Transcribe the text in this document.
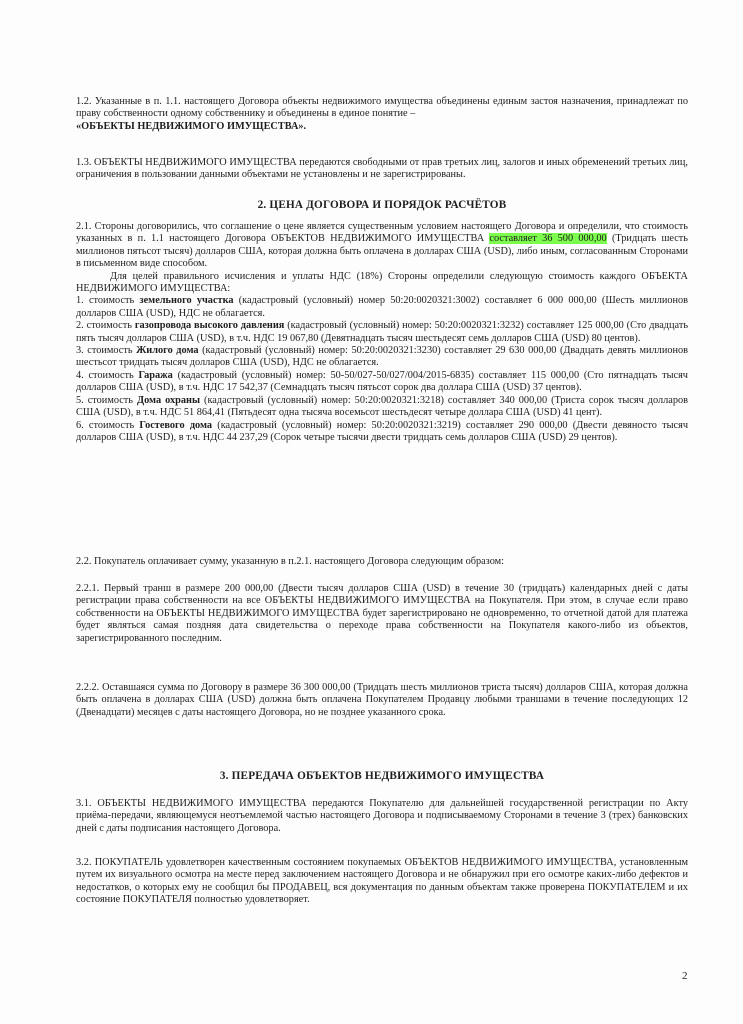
1.2. Указанные в п. 1.1. настоящего Договора объекты недвижимого имущества объединены единым застоя назначения, принадлежат по праву собственности одному собственнику и объединены в единое понятие –

«ОБЪЕКТЫ НЕДВИЖИМОГО ИМУЩЕСТВА».

1.3. ОБЪЕКТЫ НЕДВИЖИМОГО ИМУЩЕСТВА передаются свободными от прав третьих лиц, залогов и иных обременений третьих лиц, ограничения в пользовании данными объектами не установлены и не зарегистрированы.

2. ЦЕНА ДОГОВОРА И ПОРЯДОК РАСЧЁТОВ

2.1. Стороны договорились, что соглашение о цене является существенным условием настоящего Договора и определили, что стоимость указанных в п. 1.1 настоящего Договора ОБЪЕКТОВ НЕДВИЖИМОГО ИМУЩЕСТВА составляет 36 500 000,00 (Тридцать шесть миллионов пятьсот тысяч) долларов США, которая должна быть оплачена в долларах США (USD), либо иным, согласованным Сторонами в письменном виде способом.

Для целей правильного исчисления и уплаты НДС (18%) Стороны определили следующую стоимость каждого ОБЪЕКТА НЕДВИЖИМОГО ИМУЩЕСТВА:

1. стоимость земельного участка (кадастровый (условный) номер 50:20:0020321:3002) составляет 6 000 000,00 (Шесть миллионов долларов США (USD), НДС не облагается.

2. стоимость газопровода высокого давления (кадастровый (условный) номер: 50:20:0020321:3232) составляет 125 000,00 (Сто двадцать пять тысяч долларов США (USD), в т.ч. НДС 19 067,80 (Девятнадцать тысяч шестьдесят семь долларов США (USD) 80 центов).

3. стоимость Жилого дома (кадастровый (условный) номер: 50:20:0020321:3230) составляет 29 630 000,00 (Двадцать девять миллионов шестьсот тридцать тысяч долларов США (USD), НДС не облагается.

4. стоимость Гаража (кадастровый (условный) номер: 50-50/027-50/027/004/2015-6835) составляет 115 000,00 (Сто пятнадцать тысяч долларов США (USD), в т.ч. НДС 17 542,37 (Семнадцать тысяч пятьсот сорок два доллара США (USD) 37 центов).

5. стоимость Дома охраны (кадастровый (условный) номер: 50:20:0020321:3218) составляет 340 000,00 (Триста сорок тысяч долларов США (USD), в т.ч. НДС 51 864,41 (Пятьдесят одна тысяча восемьсот шестьдесят четыре доллара США (USD) 41 цент).

6. стоимость Гостевого дома (кадастровый (условный) номер: 50:20:0020321:3219) составляет 290 000,00 (Двести девяносто тысяч долларов США (USD), в т.ч. НДС 44 237,29 (Сорок четыре тысячи двести тридцать семь долларов США (USD) 29 центов).

2.2. Покупатель оплачивает сумму, указанную в п.2.1. настоящего Договора следующим образом:

2.2.1. Первый транш в размере 200 000,00 (Двести тысяч долларов США (USD) в течение 30 (тридцать) календарных дней с даты регистрации права собственности на все ОБЪЕКТЫ НЕДВИЖИМОГО ИМУЩЕСТВА на Покупателя. При этом, в случае если право собственности на ОБЪЕКТЫ НЕДВИЖИМОГО ИМУЩЕСТВА будет зарегистрировано не одновременно, то отчетной датой для платежа будет являться самая поздняя дата свидетельства о переходе права собственности на Покупателя какого-либо из объектов, зарегистрированного последним.

2.2.2. Оставшаяся сумма по Договору в размере 36 300 000,00 (Тридцать шесть миллионов триста тысяч) долларов США, которая должна быть оплачена в долларах США (USD) должна быть оплачена Покупателем Продавцу любыми траншами в течение последующих 12 (Двенадцати) месяцев с даты настоящего Договора, но не позднее указанного срока.

3. ПЕРЕДАЧА ОБЪЕКТОВ НЕДВИЖИМОГО ИМУЩЕСТВА

3.1. ОБЪЕКТЫ НЕДВИЖИМОГО ИМУЩЕСТВА передаются Покупателю для дальнейшей государственной регистрации по Акту приёма-передачи, являющемуся неотъемлемой частью настоящего Договора и подписываемому Сторонами в течение 3 (трех) банковских дней с даты подписания настоящего Договора.

3.2. ПОКУПАТЕЛЬ удовлетворен качественным состоянием покупаемых ОБЪЕКТОВ НЕДВИЖИМОГО ИМУЩЕСТВА, установленным путем их визуального осмотра на месте перед заключением настоящего Договора и не обнаружил при его осмотре каких-либо дефектов и недостатков, о которых ему не сообщил бы ПРОДАВЕЦ, вся документация по данным объектам также проверена ПОКУПАТЕЛЕМ и их состояние ПОКУПАТЕЛЯ полностью удовлетворяет.

2
